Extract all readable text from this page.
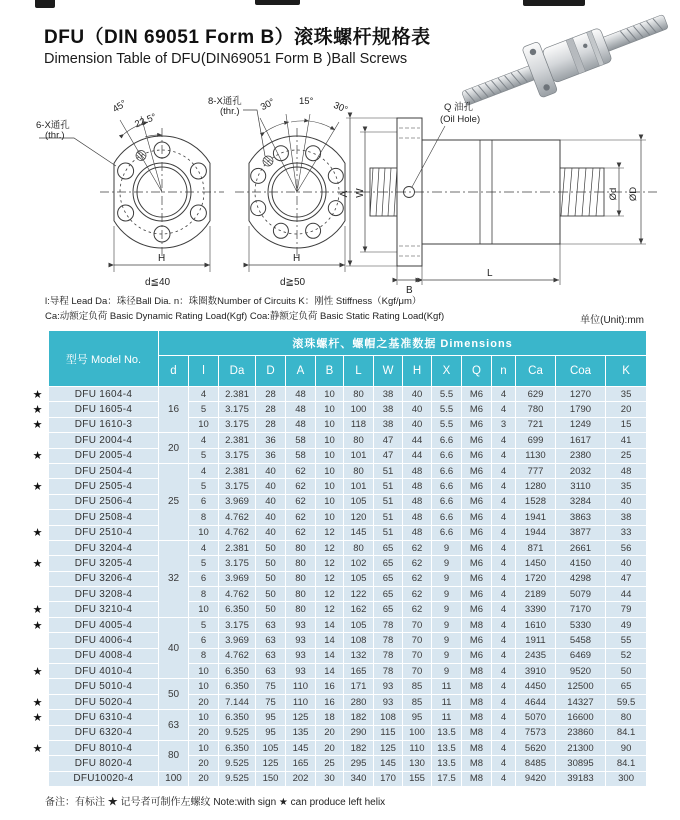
DFU（DIN 69051 Form B）滚珠螺杆规格表
Dimension Table of DFU(DIN69051 Form B )Ball Screws
6-X通孔
(thr.)
45°
22.5°
H
d≦40
8-X通孔
(thr.) 30° 15° 30°
H
d≧50
Q 油孔
(Oil Hole)
A W	Ød ØD
B
L
l:导程 Lead Da：珠径Ball Dia. n：珠圈数Number of Circuits K：刚性 Stiffness（Kgf/μm）
Ca:动额定负荷 Basic Dynamic Rating Load(Kgf) Coa:静额定负荷 Basic Static Rating Load(Kgf)	单位(Unit):mm
	型号 Model No.	滚珠螺杆、螺帽之基准数据 Dimensions														
		d	l	Da	D	A	B	L	W	H	X	Q	n	Ca	Coa	K
★	DFU 1604-4	16	4	2.381	28	48	10	80	38	40	5.5	M6	4	629	1270	35
★	DFU 1605-4		5	3.175	28	48	10	100	38	40	5.5	M6	4	780	1790	20
★	DFU 1610-3		10	3.175	28	48	10	118	38	40	5.5	M6	3	721	1249	15
	DFU 2004-4	20	4	2.381	36	58	10	80	47	44	6.6	M6	4	699	1617	41
★	DFU 2005-4		5	3.175	36	58	10	101	47	44	6.6	M6	4	1130	2380	25
	DFU 2504-4	25	4	2.381	40	62	10	80	51	48	6.6	M6	4	777	2032	48
★	DFU 2505-4		5	3.175	40	62	10	101	51	48	6.6	M6	4	1280	3110	35
	DFU 2506-4		6	3.969	40	62	10	105	51	48	6.6	M6	4	1528	3284	40
	DFU 2508-4		8	4.762	40	62	10	120	51	48	6.6	M6	4	1941	3863	38
★	DFU 2510-4		10	4.762	40	62	12	145	51	48	6.6	M6	4	1944	3877	33
	DFU 3204-4	32	4	2.381	50	80	12	80	65	62	9	M6	4	871	2661	56
★	DFU 3205-4		5	3.175	50	80	12	102	65	62	9	M6	4	1450	4150	40
	DFU 3206-4		6	3.969	50	80	12	105	65	62	9	M6	4	1720	4298	47
	DFU 3208-4		8	4.762	50	80	12	122	65	62	9	M6	4	2189	5079	44
★	DFU 3210-4		10	6.350	50	80	12	162	65	62	9	M6	4	3390	7170	79
★	DFU 4005-4	40	5	3.175	63	93	14	105	78	70	9	M8	4	1610	5330	49
	DFU 4006-4		6	3.969	63	93	14	108	78	70	9	M6	4	1911	5458	55
	DFU 4008-4		8	4.762	63	93	14	132	78	70	9	M6	4	2435	6469	52
★	DFU 4010-4		10	6.350	63	93	14	165	78	70	9	M8	4	3910	9520	50
	DFU 5010-4	50	10	6.350	75	110	16	171	93	85	11	M8	4	4450	12500	65
★	DFU 5020-4		20	7.144	75	110	16	280	93	85	11	M8	4	4644	14327	59.5
★	DFU 6310-4	63	10	6.350	95	125	18	182	108	95	11	M8	4	5070	16600	80
	DFU 6320-4		20	9.525	95	135	20	290	115	100	13.5	M8	4	7573	23860	84.1
★	DFU 8010-4	80	10	6.350	105	145	20	182	125	110	13.5	M8	4	5620	21300	90
	DFU 8020-4		20	9.525	125	165	25	295	145	130	13.5	M8	4	8485	30895	84.1
	DFU10020-4	100	20	9.525	150	202	30	340	170	155	17.5	M8	4	9420	39183	300
备注：有标注 ★ 记号者可制作左螺纹 Note:with sign ★ can produce left helix
